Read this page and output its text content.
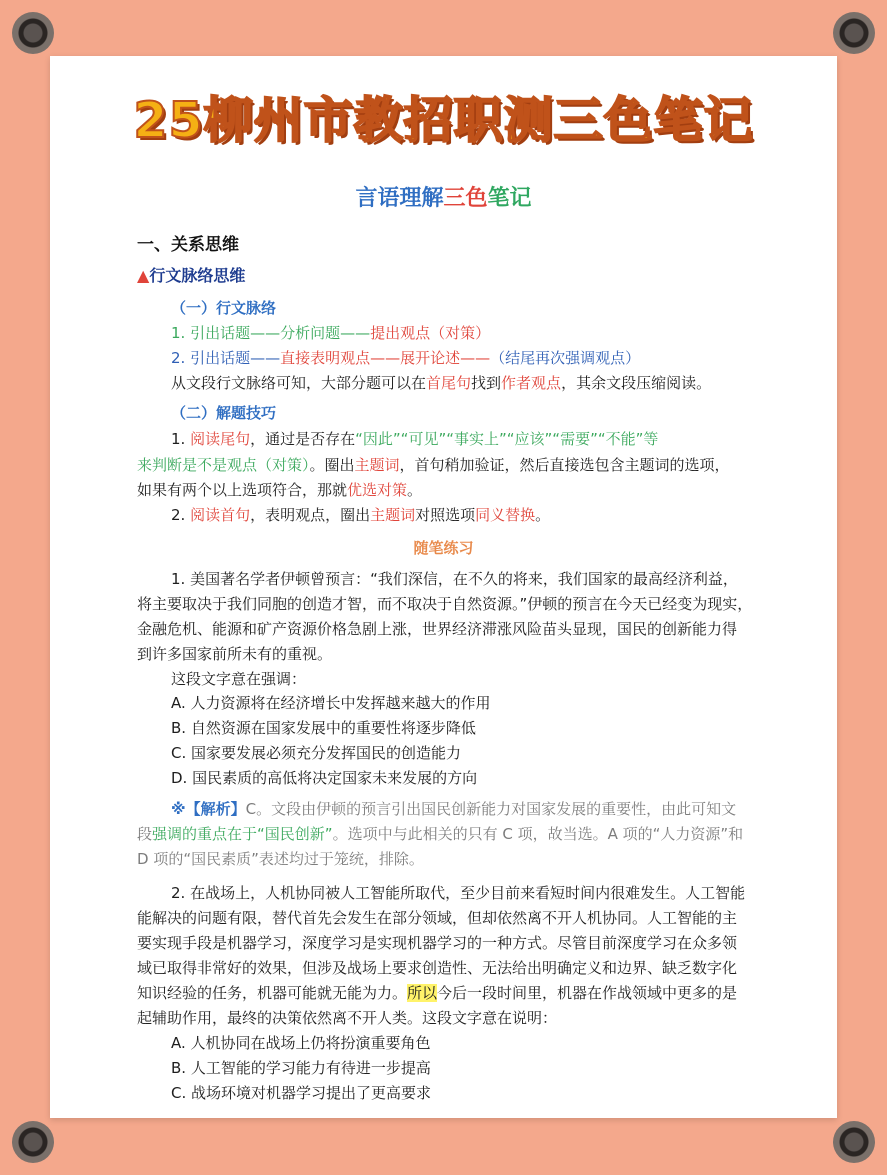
25柳州市教招职测三色笔记
言语理解三色笔记
一、关系思维
▲行文脉络思维
（一）行文脉络
1. 引出话题——分析问题——提出观点（对策）
2. 引出话题——直接表明观点——展开论述——（结尾再次强调观点）
从文段行文脉络可知，大部分题可以在首尾句找到作者观点，其余文段压缩阅读。
（二）解题技巧
1. 阅读尾句，通过是否存在“因此”“可见”“事实上”“应该”“需要”“不能”等
来判断是不是观点（对策）。圈出主题词，首句稍加验证，然后直接选包含主题词的选项，
如果有两个以上选项符合，那就优选对策。
2. 阅读首句，表明观点，圈出主题词对照选项同义替换。
随笔练习
1. 美国著名学者伊顿曾预言：“我们深信，在不久的将来，我们国家的最高经济利益，
将主要取决于我们同胞的创造才智，而不取决于自然资源。”伊顿的预言在今天已经变为现实，
金融危机、能源和矿产资源价格急剧上涨，世界经济滞涨风险苗头显现，国民的创新能力得
到许多国家前所未有的重视。
这段文字意在强调：
A. 人力资源将在经济增长中发挥越来越大的作用
B. 自然资源在国家发展中的重要性将逐步降低
C. 国家要发展必须充分发挥国民的创造能力
D. 国民素质的高低将决定国家未来发展的方向
※【解析】C。文段由伊顿的预言引出国民创新能力对国家发展的重要性，由此可知文
段强调的重点在于“国民创新”。选项中与此相关的只有 C 项，故当选。A 项的“人力资源”和
D 项的“国民素质”表述均过于笼统，排除。
2. 在战场上，人机协同被人工智能所取代，至少目前来看短时间内很难发生。人工智能
能解决的问题有限，替代首先会发生在部分领域，但却依然离不开人机协同。人工智能的主
要实现手段是机器学习，深度学习是实现机器学习的一种方式。尽管目前深度学习在众多领
域已取得非常好的效果，但涉及战场上要求创造性、无法给出明确定义和边界、缺乏数字化
知识经验的任务，机器可能就无能为力。所以今后一段时间里，机器在作战领域中更多的是
起辅助作用，最终的决策依然离不开人类。这段文字意在说明：
A. 人机协同在战场上仍将扮演重要角色
B. 人工智能的学习能力有待进一步提高
C. 战场环境对机器学习提出了更高要求
